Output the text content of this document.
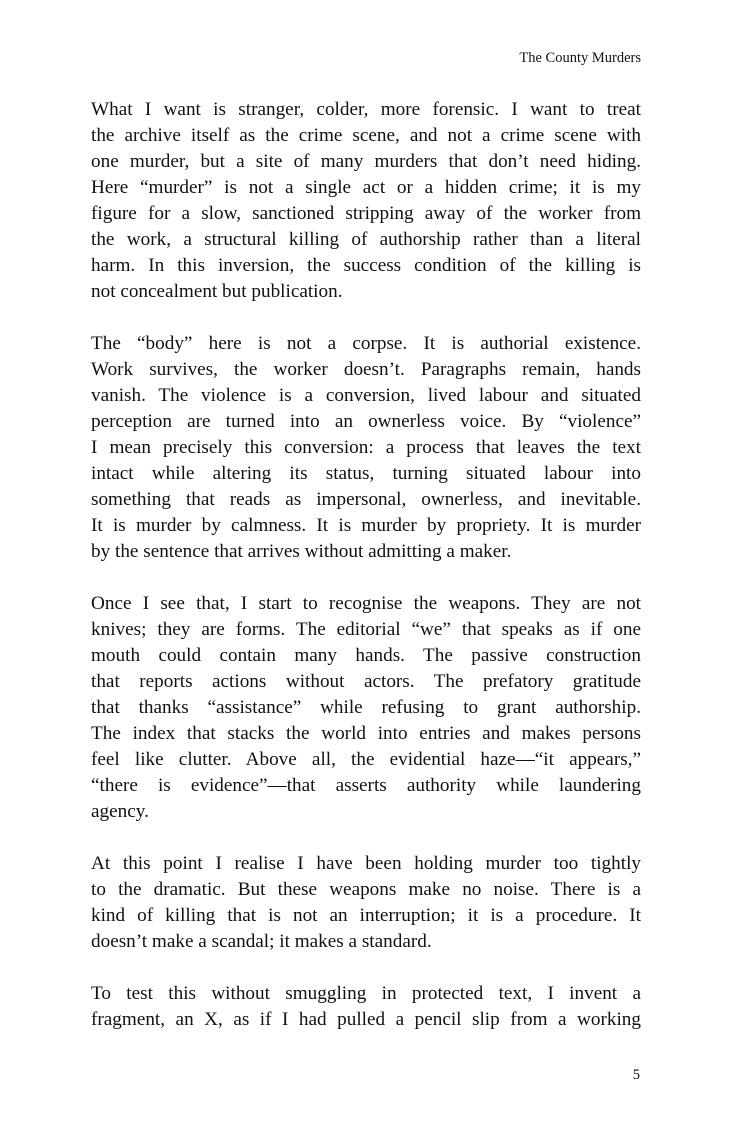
The County Murders

What I want is stranger, colder, more forensic. I want to treat
the archive itself as the crime scene, and not a crime scene with
one murder, but a site of many murders that don’t need hiding.
Here “murder” is not a single act or a hidden crime; it is my
figure for a slow, sanctioned stripping away of the worker from
the work, a structural killing of authorship rather than a literal
harm. In this inversion, the success condition of the killing is
not concealment but publication.

The “body” here is not a corpse. It is authorial existence.
Work survives, the worker doesn’t. Paragraphs remain, hands
vanish. The violence is a conversion, lived labour and situated
perception are turned into an ownerless voice. By “violence”
I mean precisely this conversion: a process that leaves the text
intact while altering its status, turning situated labour into
something that reads as impersonal, ownerless, and inevitable.
It is murder by calmness. It is murder by propriety. It is murder
by the sentence that arrives without admitting a maker.

Once I see that, I start to recognise the weapons. They are not
knives; they are forms. The editorial “we” that speaks as if one
mouth could contain many hands. The passive construction
that reports actions without actors. The prefatory gratitude
that thanks “assistance” while refusing to grant authorship.
The index that stacks the world into entries and makes persons
feel like clutter. Above all, the evidential haze—“it appears,”
“there is evidence”—that asserts authority while laundering
agency.

At this point I realise I have been holding murder too tightly
to the dramatic. But these weapons make no noise. There is a
kind of killing that is not an interruption; it is a procedure. It
doesn’t make a scandal; it makes a standard.

To test this without smuggling in protected text, I invent a
fragment, an X, as if I had pulled a pencil slip from a working

5
